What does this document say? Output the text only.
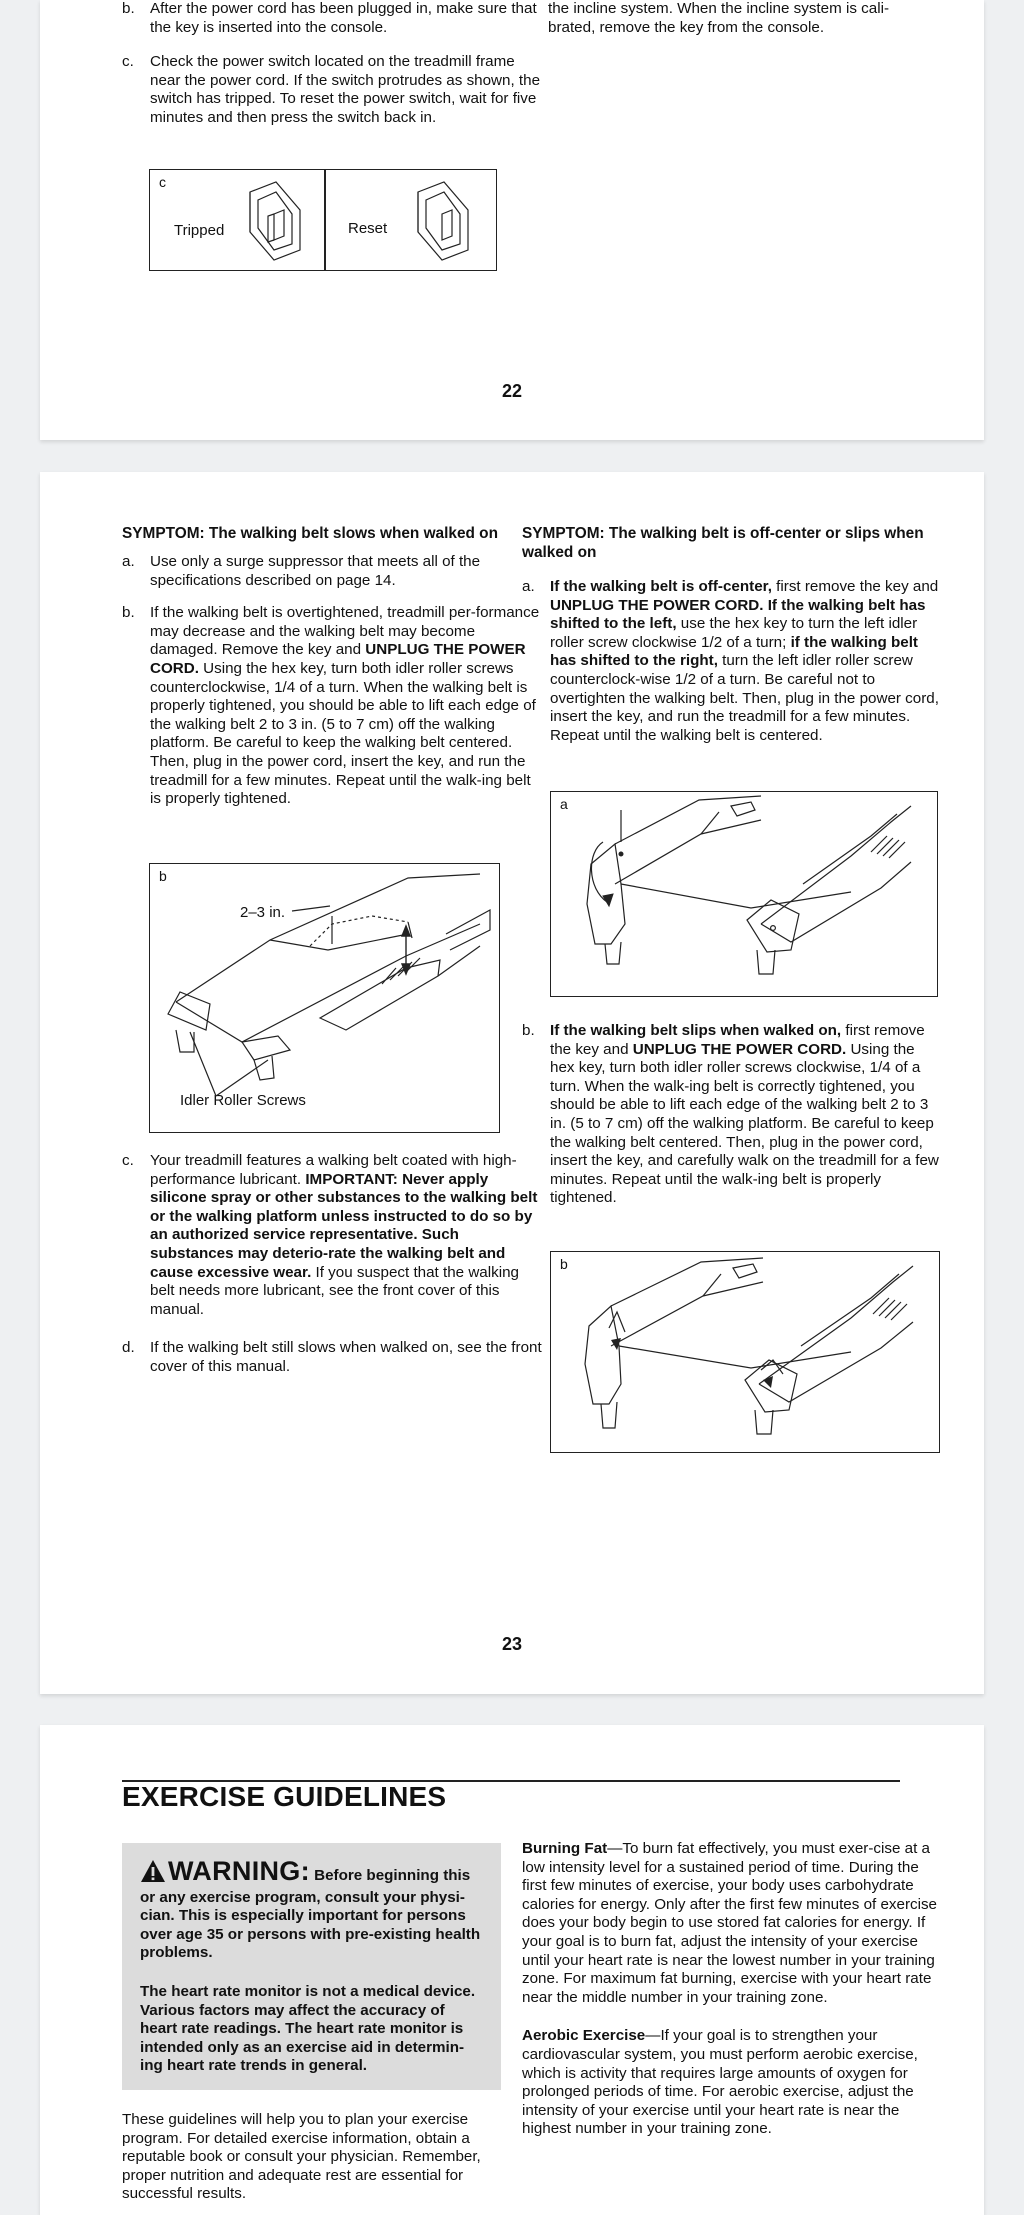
b. After the power cord has been plugged in, make sure that the key is inserted into the console.
c. Check the power switch located on the treadmill frame near the power cord. If the switch protrudes as shown, the switch has tripped. To reset the power switch, wait for five minutes and then press the switch back in.
the incline system. When the incline system is cali-brated, remove the key from the console.
c
Tripped	Reset
22
SYMPTOM: The walking belt slows when walked on
a. Use only a surge suppressor that meets all of the specifications described on page 14.
b. If the walking belt is overtightened, treadmill per-formance may decrease and the walking belt may become damaged. Remove the key and UNPLUG THE POWER CORD. Using the hex key, turn both idler roller screws counterclockwise, 1/4 of a turn. When the walking belt is properly tightened, you should be able to lift each edge of the walking belt 2 to 3 in. (5 to 7 cm) off the walking platform. Be careful to keep the walking belt centered. Then, plug in the power cord, insert the key, and run the treadmill for a few minutes. Repeat until the walk-ing belt is properly tightened.
b
2–3 in.
Idler Roller Screws
c. Your treadmill features a walking belt coated with high-performance lubricant. IMPORTANT: Never apply silicone spray or other substances to the walking belt or the walking platform unless instructed to do so by an authorized service representative. Such substances may deterio-rate the walking belt and cause excessive wear. If you suspect that the walking belt needs more lubricant, see the front cover of this manual.
d. If the walking belt still slows when walked on, see the front cover of this manual.
SYMPTOM: The walking belt is off-center or slips when walked on
a. If the walking belt is off-center, first remove the key and UNPLUG THE POWER CORD. If the walking belt has shifted to the left, use the hex key to turn the left idler roller screw clockwise 1/2 of a turn; if the walking belt has shifted to the right, turn the left idler roller screw counterclock-wise 1/2 of a turn. Be careful not to overtighten the walking belt. Then, plug in the power cord, insert the key, and run the treadmill for a few minutes. Repeat until the walking belt is centered.
a
b. If the walking belt slips when walked on, first remove the key and UNPLUG THE POWER CORD. Using the hex key, turn both idler roller screws clockwise, 1/4 of a turn. When the walk-ing belt is correctly tightened, you should be able to lift each edge of the walking belt 2 to 3 in. (5 to 7 cm) off the walking platform. Be careful to keep the walking belt centered. Then, plug in the power cord, insert the key, and carefully walk on the treadmill for a few minutes. Repeat until the walk-ing belt is properly tightened.
b
23
EXERCISE GUIDELINES
WARNING: Before beginning this or any exercise program, consult your physi-cian. This is especially important for persons over age 35 or persons with pre-existing health problems.
The heart rate monitor is not a medical device. Various factors may affect the accuracy of heart rate readings. The heart rate monitor is intended only as an exercise aid in determin-ing heart rate trends in general.
These guidelines will help you to plan your exercise program. For detailed exercise information, obtain a reputable book or consult your physician. Remember, proper nutrition and adequate rest are essential for successful results.
Burning Fat—To burn fat effectively, you must exer-cise at a low intensity level for a sustained period of time. During the first few minutes of exercise, your body uses carbohydrate calories for energy. Only after the first few minutes of exercise does your body begin to use stored fat calories for energy. If your goal is to burn fat, adjust the intensity of your exercise until your heart rate is near the lowest number in your training zone. For maximum fat burning, exercise with your heart rate near the middle number in your training zone.
Aerobic Exercise—If your goal is to strengthen your cardiovascular system, you must perform aerobic exercise, which is activity that requires large amounts of oxygen for prolonged periods of time. For aerobic exercise, adjust the intensity of your exercise until your heart rate is near the highest number in your training zone.
